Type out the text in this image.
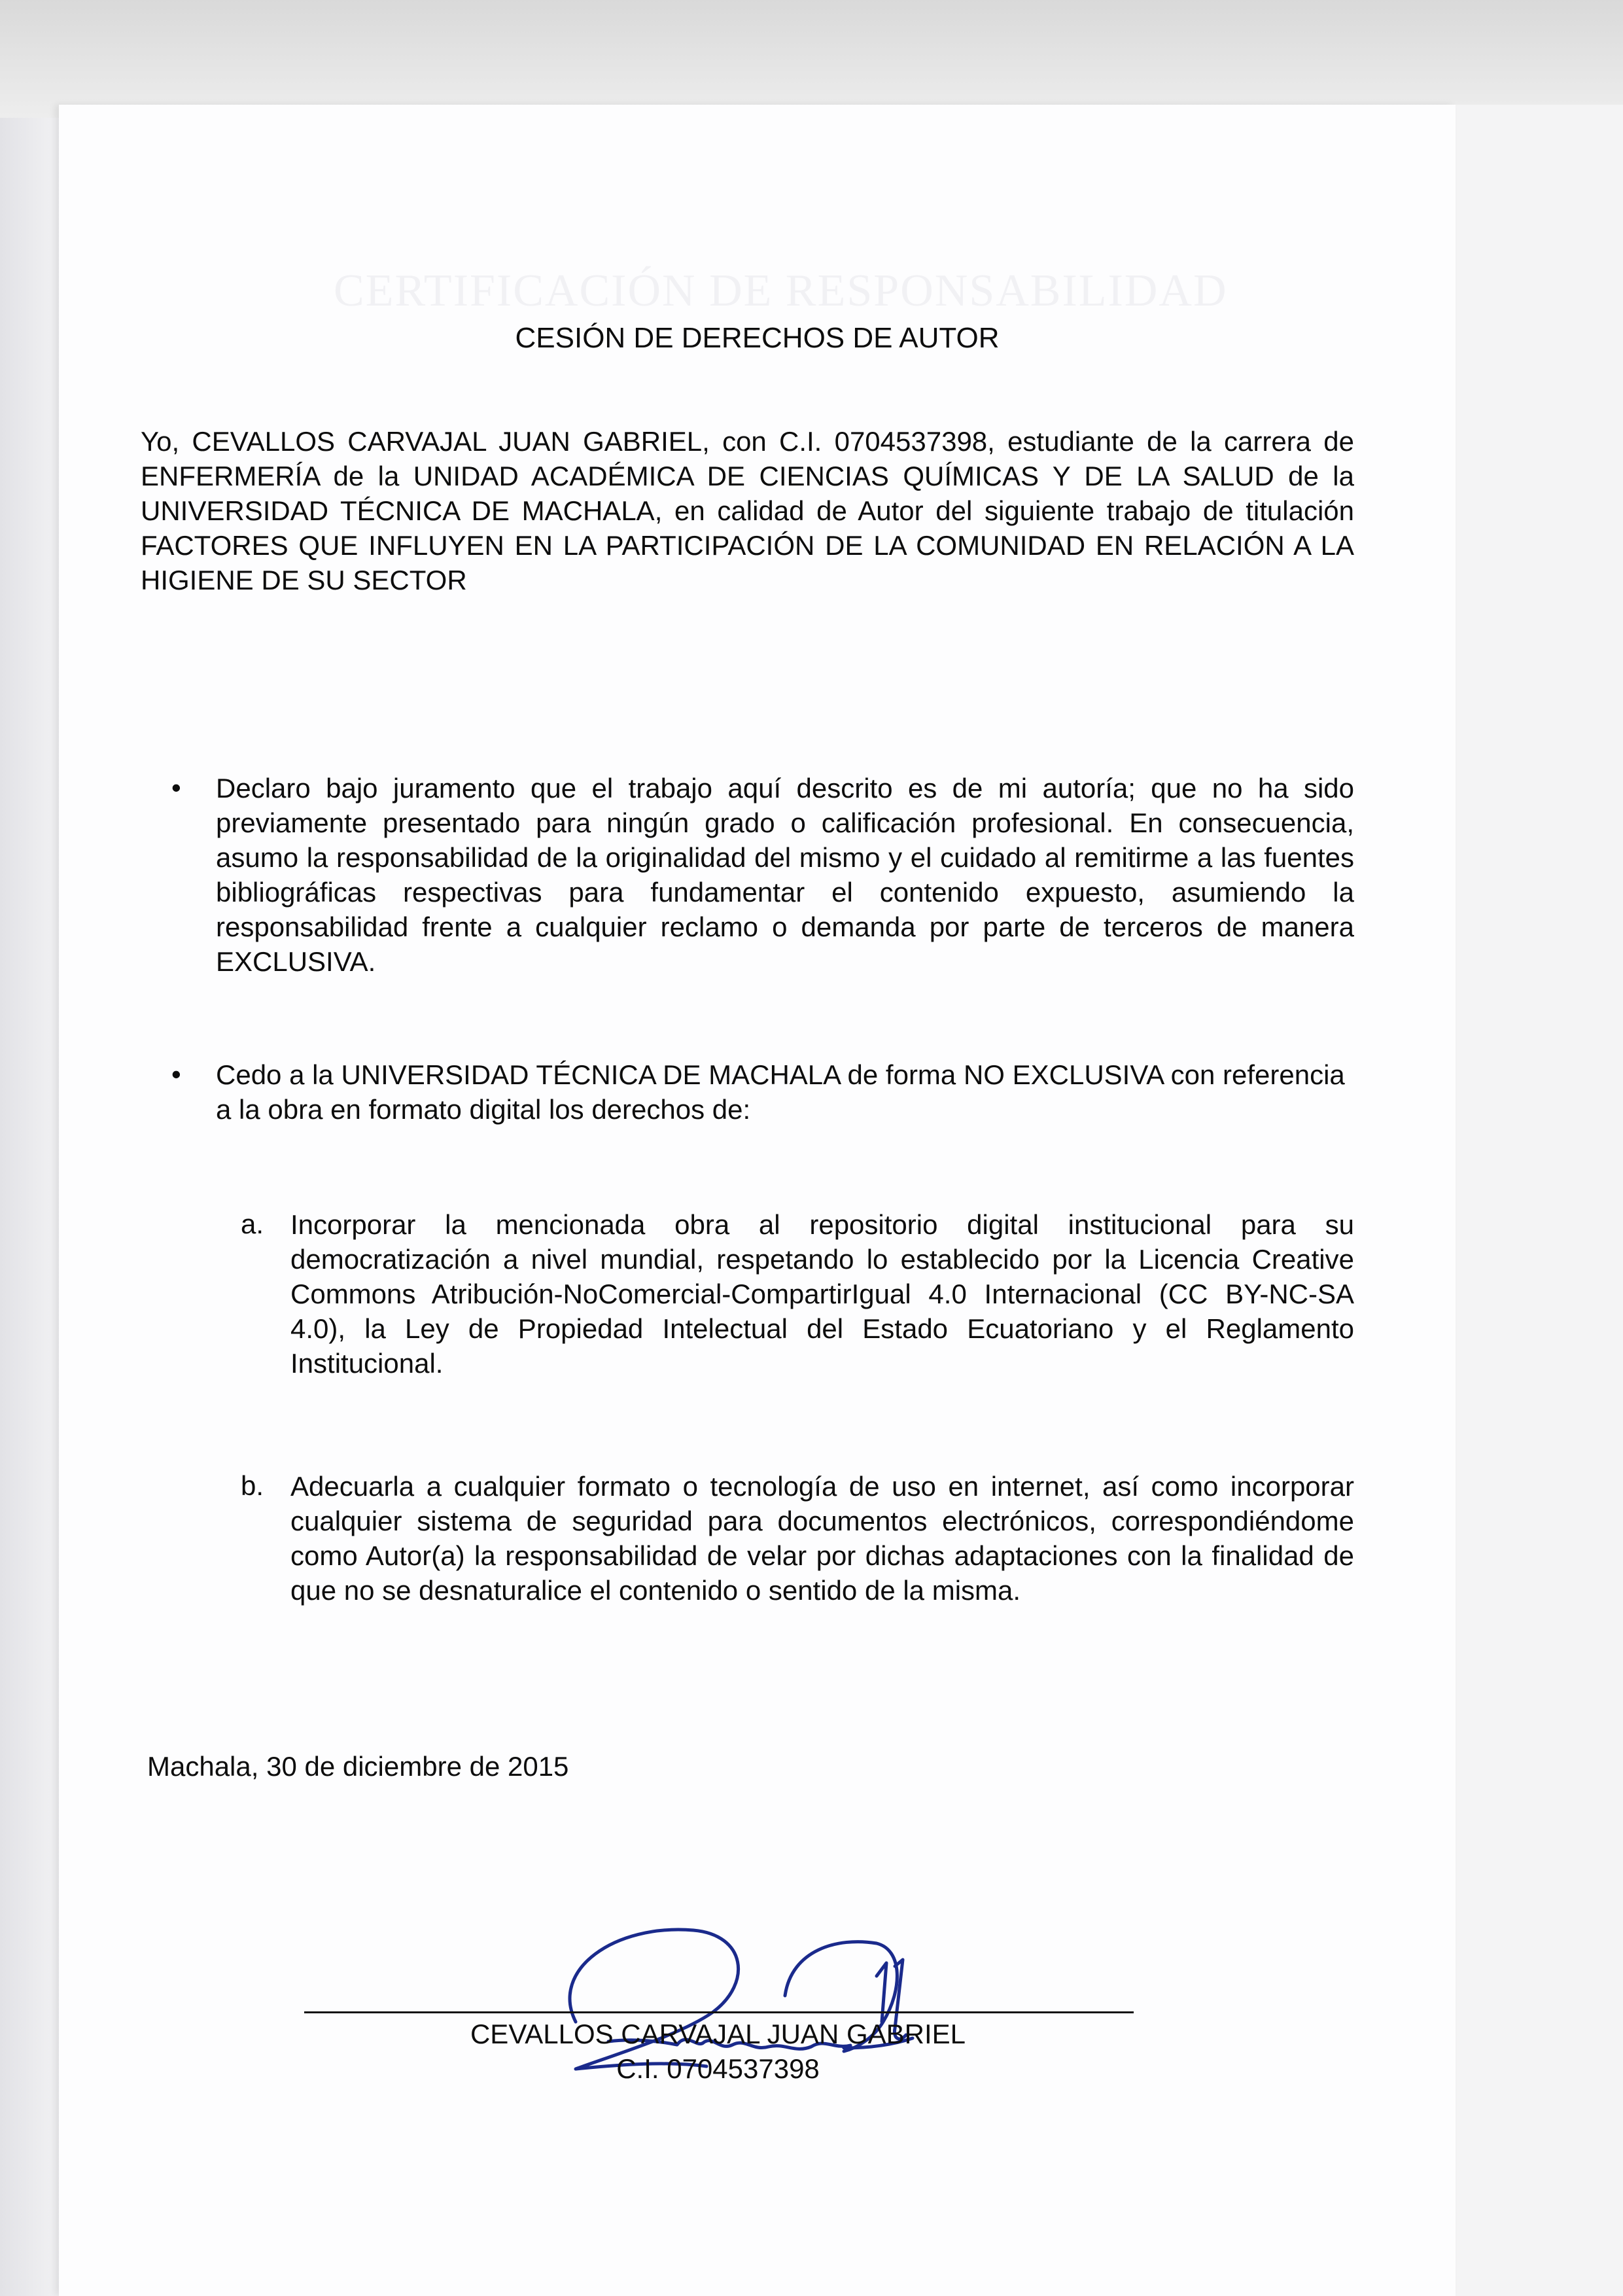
CERTIFICACIÓN DE RESPONSABILIDAD
CESIÓN DE DERECHOS DE AUTOR
Yo, CEVALLOS CARVAJAL JUAN GABRIEL, con C.I. 0704537398, estudiante de la carrera de ENFERMERÍA de la UNIDAD ACADÉMICA DE CIENCIAS QUÍMICAS Y DE LA SALUD de la UNIVERSIDAD TÉCNICA DE MACHALA, en calidad de Autor del siguiente trabajo de titulación FACTORES QUE INFLUYEN EN LA PARTICIPACIÓN DE LA COMUNIDAD EN RELACIÓN A LA HIGIENE DE SU SECTOR
• Declaro bajo juramento que el trabajo aquí descrito es de mi autoría; que no ha sido previamente presentado para ningún grado o calificación profesional. En consecuencia, asumo la responsabilidad de la originalidad del mismo y el cuidado al remitirme a las fuentes bibliográficas respectivas para fundamentar el contenido expuesto, asumiendo la responsabilidad frente a cualquier reclamo o demanda por parte de terceros de manera EXCLUSIVA.
• Cedo a la UNIVERSIDAD TÉCNICA DE MACHALA de forma NO EXCLUSIVA con referencia a la obra en formato digital los derechos de:
a. Incorporar la mencionada obra al repositorio digital institucional para su democratización a nivel mundial, respetando lo establecido por la Licencia Creative Commons Atribución-NoComercial-CompartirIgual 4.0 Internacional (CC BY-NC-SA 4.0), la Ley de Propiedad Intelectual del Estado Ecuatoriano y el Reglamento Institucional.
b. Adecuarla a cualquier formato o tecnología de uso en internet, así como incorporar cualquier sistema de seguridad para documentos electrónicos, correspondiéndome como Autor(a) la responsabilidad de velar por dichas adaptaciones con la finalidad de que no se desnaturalice el contenido o sentido de la misma.
Machala, 30 de diciembre de 2015
CEVALLOS CARVAJAL JUAN GABRIEL
C.I. 0704537398
